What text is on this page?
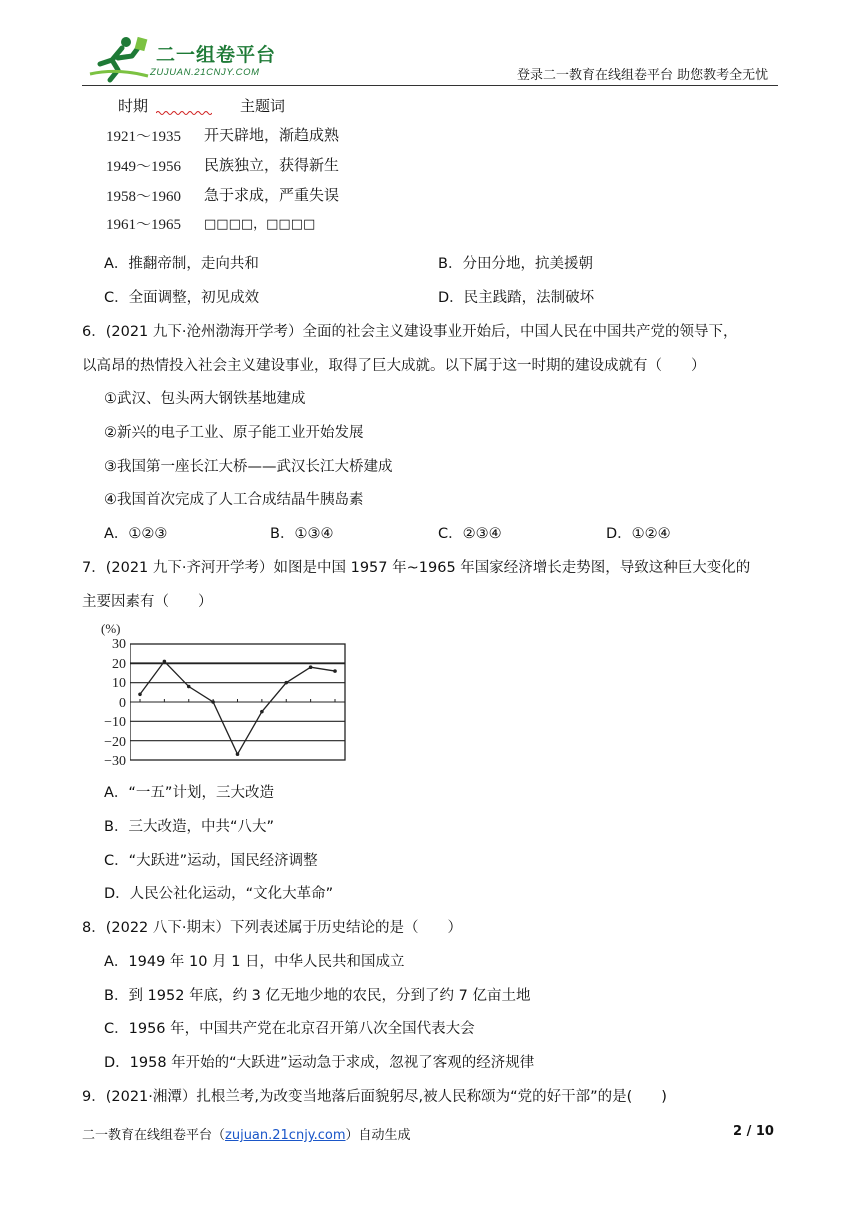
二一组卷平台
ZUJUAN.21CNJY.COM	登录二一教育在线组卷平台 助您教考全无忧
时期	主题词
1921～1935 开天辟地，渐趋成熟
1949～1956 民族独立，获得新生
1958～1960 急于求成，严重失误
1961～1965 □□□□，□□□□
A．推翻帝制，走向共和	B．分田分地，抗美援朝
C．全面调整，初见成效	D．民主践踏，法制破坏
6．(2021 九下·沧州渤海开学考）全面的社会主义建设事业开始后，中国人民在中国共产党的领导下，
以高昂的热情投入社会主义建设事业，取得了巨大成就。以下属于这一时期的建设成就有（　　）
①武汉、包头两大钢铁基地建成
②新兴的电子工业、原子能工业开始发展
③我国第一座长江大桥——武汉长江大桥建成
④我国首次完成了人工合成结晶牛胰岛素
A．①②③	B．①③④	C．②③④	D．①②④
7．(2021 九下·齐河开学考）如图是中国 1957 年~1965 年国家经济增长走势图，导致这种巨大变化的
主要因素有（　　）
(%)
30
20
10
0
−10
−20
−30
A．“一五”计划，三大改造
B．三大改造，中共“八大”
C．“大跃进”运动，国民经济调整
D．人民公社化运动，“文化大革命”
8．(2022 八下·期末）下列表述属于历史结论的是（　　）
A．1949 年 10 月 1 日，中华人民共和国成立
B．到 1952 年底，约 3 亿无地少地的农民，分到了约 7 亿亩土地
C．1956 年，中国共产党在北京召开第八次全国代表大会
D．1958 年开始的“大跃进”运动急于求成，忽视了客观的经济规律
9．(2021·湘潭）扎根兰考,为改变当地落后面貌躬尽,被人民称颂为“党的好干部”的是(　　)
二一教育在线组卷平台（zujuan.21cnjy.com）自动生成	2 / 10
